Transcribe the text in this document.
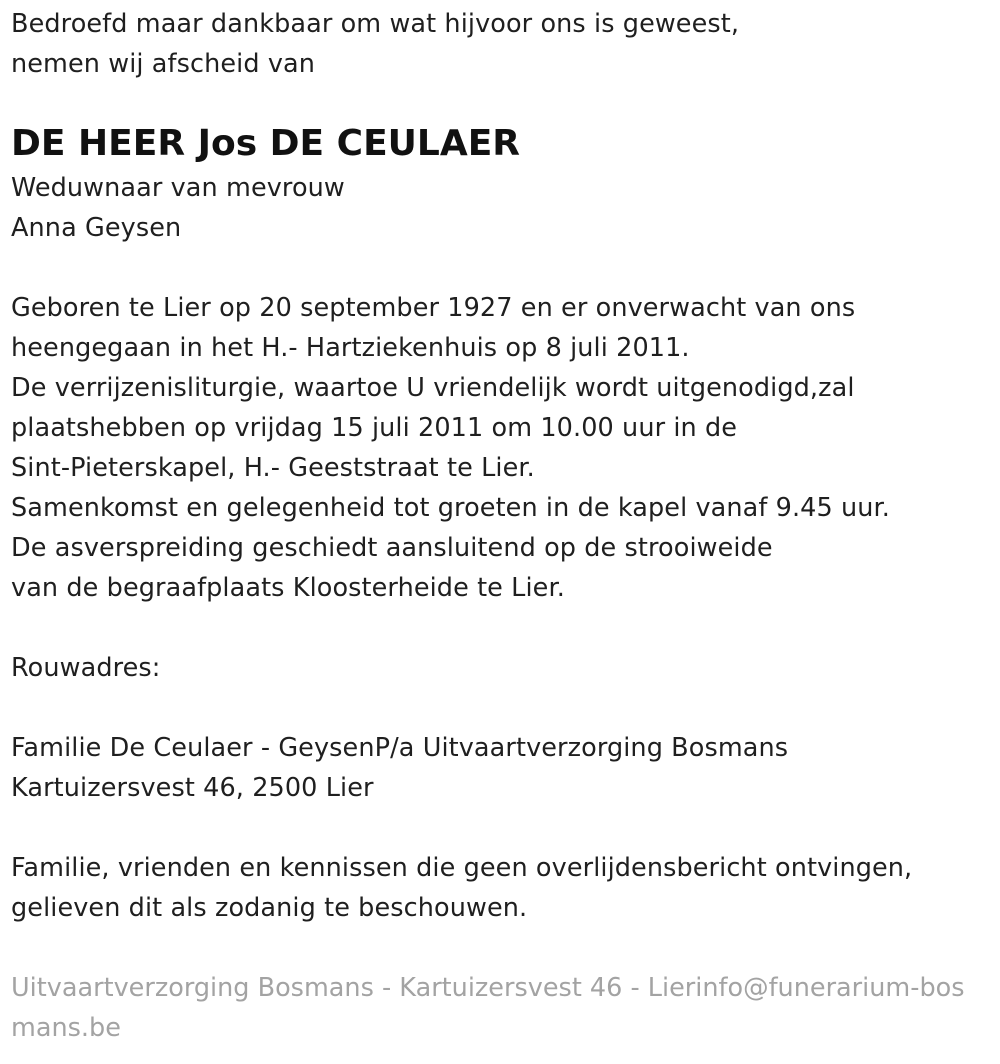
Bedroefd maar dankbaar om wat hijvoor ons is geweest,
nemen wij afscheid van
DE HEER Jos DE CEULAER
Weduwnaar van mevrouw
Anna Geysen
Geboren te Lier op 20 september 1927 en er onverwacht van ons
heengegaan in het H.- Hartziekenhuis op 8 juli 2011.
De verrijzenisliturgie, waartoe U vriendelijk wordt uitgenodigd,zal
plaatshebben op vrijdag 15 juli 2011 om 10.00 uur in de
Sint-Pieterskapel, H.- Geeststraat te Lier.
Samenkomst en gelegenheid tot groeten in de kapel vanaf 9.45 uur.
De asverspreiding geschiedt aansluitend op de strooiweide
van de begraafplaats Kloosterheide te Lier.
Rouwadres:
Familie De Ceulaer - GeysenP/a Uitvaartverzorging Bosmans
Kartuizersvest 46, 2500 Lier
Familie, vrienden en kennissen die geen overlijdensbericht ontvingen,
gelieven dit als zodanig te beschouwen.
Uitvaartverzorging Bosmans - Kartuizersvest 46 - Lierinfo@funerarium-bosmans.be
